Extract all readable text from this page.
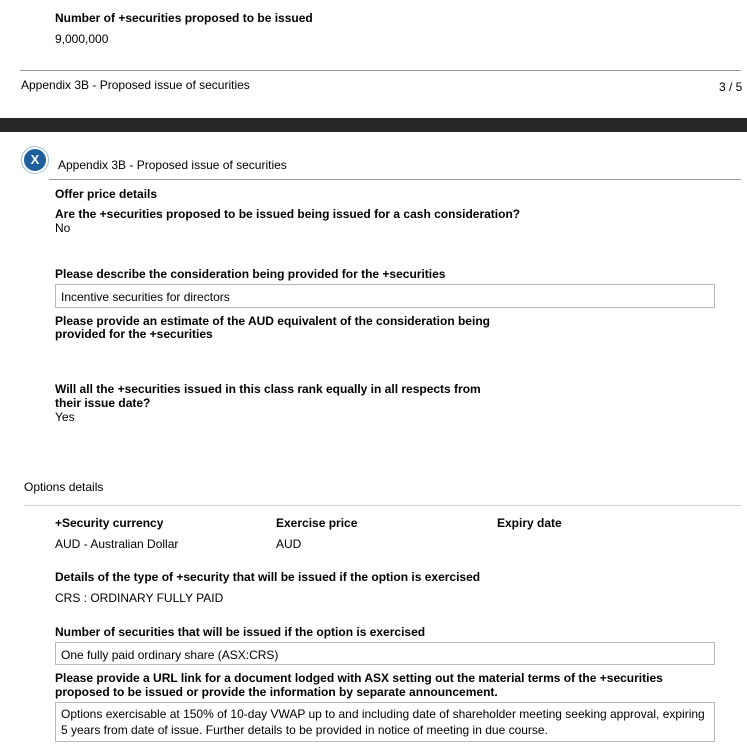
Number of +securities proposed to be issued
9,000,000
Appendix 3B - Proposed issue of securities	3 / 5
X	Appendix 3B - Proposed issue of securities
Offer price details
Are the +securities proposed to be issued being issued for a cash consideration?
No
Please describe the consideration being provided for the +securities
Incentive securities for directors
Please provide an estimate of the AUD equivalent of the consideration being
provided for the +securities
Will all the +securities issued in this class rank equally in all respects from
their issue date?
Yes
Options details
+Security currency
AUD - Australian Dollar
Exercise price
AUD
Expiry date
Details of the type of +security that will be issued if the option is exercised
CRS : ORDINARY FULLY PAID
Number of securities that will be issued if the option is exercised
One fully paid ordinary share (ASX:CRS)
Please provide a URL link for a document lodged with ASX setting out the material terms of the +securities
proposed to be issued or provide the information by separate announcement.
Options exercisable at 150% of 10-day VWAP up to and including date of shareholder meeting seeking approval, expiring
5 years from date of issue. Further details to be provided in notice of meeting in due course.
